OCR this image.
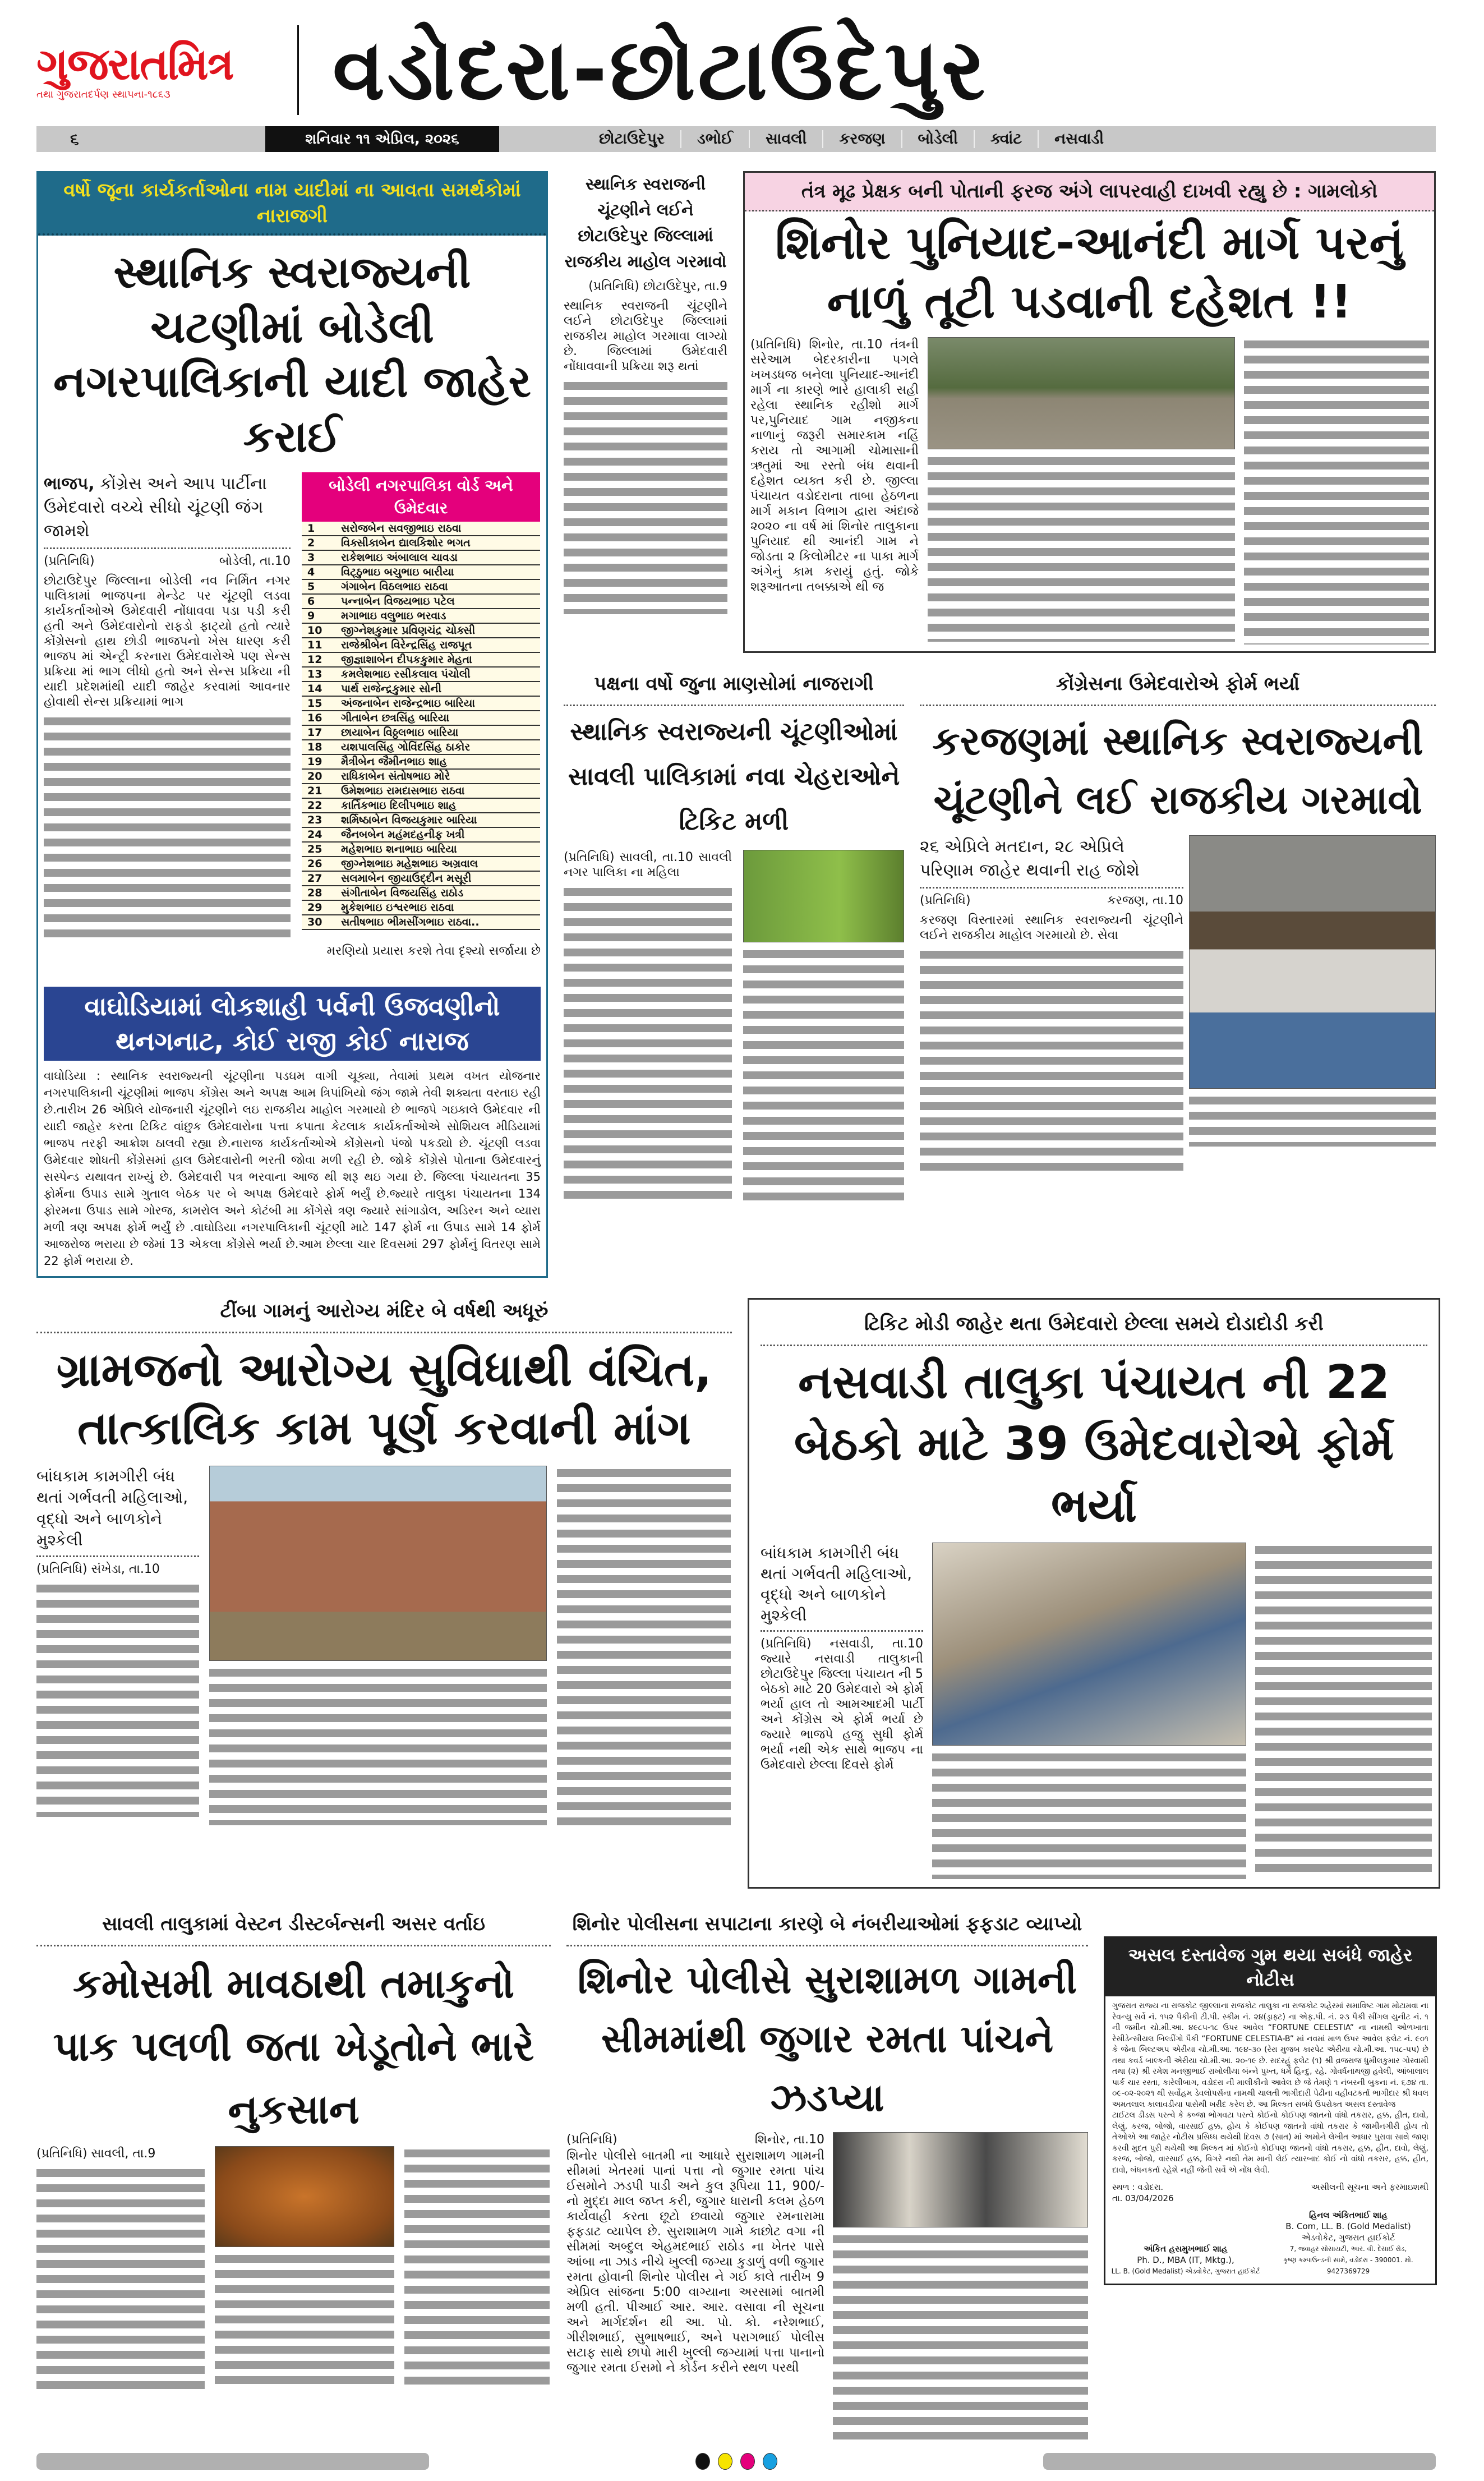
ગુજરાતમિત્ર
તથા ગુજરાતદર્પણ સ્થાપના-૧૮૬૩	વડોદરા-છોટાઉદેપુર
૬	શનિવાર ૧૧ એપ્રિલ, ૨૦૨૬	છોટાઉદેપુર	ડભોઈ	સાવલી	કરજણ	બોડેલી	ક્વાંટ	નસવાડી
વર્ષો જૂના કાર્યકર્તાઓના નામ યાદીમાં ના આવતા સમર્થકોમાં નારાજગી
સ્થાનિક સ્વરાજ્યની ચટણીમાં બોડેલી નગરપાલિકાની યાદી જાહેર કરાઈ
ભાજપ, કોંગ્રેસ અને આપ પાર્ટીના ઉમેદવારો વચ્ચે સીધો ચૂંટણી જંગ જામશે
(પ્રતિનિધિ)	બોડેલી, તા.10
છોટાઉદેપુર જિલ્લાના બોડેલી નવ નિર્મિત નગર પાલિકામાં ભાજપના મેન્ડેટ પર ચૂંટણી લડવા કાર્યકર્તાઓએ ઉમેદવારી નોંધાવવા પડા પડી કરી હતી અને ઉમેદવારોનો રાફડો ફાટ્યો હતો ત્યારે કોંગ્રેસનો હાથ છોડી ભાજપનો ખેસ ધારણ કરી ભાજપ માં એન્ટ્રી કરનારા ઉમેદવારોએ પણ સેન્સ પ્રક્રિયા માં ભાગ લીધો હતો અને સેન્સ પ્રક્રિયા ની યાદી પ્રદેશમાંથી યાદી જાહેર કરવામાં આવનાર હોવાથી સેન્સ પ્રક્રિયામાં ભાગ
બોડેલી નગરપાલિકા વોર્ડ અને ઉમેદવાર
1	સરોજબેન સવજીભાઇ રાઠવા
2	વિક્સીકાબેન દ્યાલકિશોર ભગત
3	રાકેશભાઇ અંબાલાલ ચાવડા
4	વિટ્ઠુભાઇ બચુભાઇ બારીયા
5	ગંગાબેન વિઠલભાઇ રાઠવા
6	પન્નાબેન વિજયભાઇ પટેલ
9	મગાભાઇ વલુભાઇ ભરવાડ
10	જીગ્નેશકુમાર પ્રવિણચંદ્ર ચોક્સી
11	રાજેશ્રીબેન વિરેન્દ્રસિંહ રાજપૂત
12	જીજ્ઞાશાબેન દીપકકુમાર મેહતા
13	કમલેશભાઇ રસીકલાલ પંચોલી
14	પાર્થ રાજેન્દ્રકુમાર સોની
15	અંજનાબેન રાજેન્દ્રભાઇ બારિયા
16	ગીતાબેન છત્રસિંહ બારિયા
17	છાયાબેન વિઠ્ઠલભાઇ બારિયા
18	યશપાલસિંહ ગોવિંદસિંહ ઠાકોર
19	મૈત્રીબેન જૈમીનભાઇ શાહ
20	રાધિકાબેન સંતોષભાઇ મોરે
21	ઉમેશભાઇ રામદાસભાઇ રાઠવા
22	કાર્તિકભાઇ દિલીપભાઇ શાહ
23	શર્મિષ્ઠાબેન વિજયકુમાર બારિયા
24	જૈનબબેન મહંમદહનીફ ખત્રી
25	મહેશભાઇ શનાભાઇ બારિયા
26	જીગ્નેશભાઇ મહેશભાઇ અગ્રવાલ
27	સલમાબેન જીયાઉદ્દીન મસૂરી
28	સંગીતાબેન વિજયસિંહ રાઠોડ
29	મુકેશભાઇ ઇશ્વરભાઇ રાઠવા
30	સતીષભાઇ ભીમસીંગભાઇ રાઠવા..
મરણિયો પ્રયાસ કરશે તેવા દૃશ્યો સર્જાયા છે
વાઘોડિયામાં લોકશાહી પર્વની ઉજવણીનો થનગનાટ, કોઈ રાજી કોઈ નારાજ
વાઘોડિયા : સ્થાનિક સ્વરાજ્યની ચૂંટણીના પડઘમ વાગી ચૂક્યા, તેવામાં પ્રથમ વખત યોજનાર નગરપાલિકાની ચૂંટણીમાં ભાજપ કોંગ્રેસ અને અપક્ષ આમ ત્રિપાંખિયો જંગ જામે તેવી શક્યતા વરતાઇ રહી છે.તારીખ 26 એપ્રિલે યોજનારી ચૂંટણીને લઇ રાજકીય માહોલ ગરમાયો છે ભાજપે ગઇકાલે ઉમેદવાર ની યાદી જાહેર કરતા ટિકિટ વાંછુક ઉમેદવારોના પત્તા કપાતા કેટલાક કાર્યકર્તાઓએ સોશિયલ મીડિયામાં ભાજપ તરફી આક્રોશ ઠાલવી રહ્યા છે.નારાજ કાર્યકર્તાઓએ કોંગ્રેસનો પંજો પકડ્યો છે. ચૂંટણી લડવા ઉમેદવાર શોધતી કોંગ્રેસમાં હાલ ઉમેદવારોની ભરતી જોવા મળી રહી છે. જોકે કોંગ્રેસે પોતાના ઉમેદવારનું સસ્પેન્ડ યથાવત રાખ્યું છે. ઉમેદવારી પત્ર ભરવાના આજ થી શરૂ થઇ ગયા છે. જિલ્લા પંચાયતના 35 ફોર્મના ઉપાડ સામે ગુતાલ બેઠક પર બે અપક્ષ ઉમેદવારે ફોર્મ ભર્યું છે.જ્યારે તાલુકા પંચાયતના 134 ફોરમના ઉપાડ સામે ગોરજ, કામરોલ અને કોટંબી મા કોંગેસે ત્રણ જ્યારે સાંગાડોલ, અડિરન અને વ્યારા મળી ત્રણ અપક્ષ ફોર્મ ભર્યું છે .વાઘોડિયા નગરપાલિકાની ચૂંટણી માટે 147 ફોર્મ ના ઉપાડ સામે 14 ફોર્મ આજરોજ ભરાયા છે જેમાં 13 એકલા કોંગ્રેસે ભર્યા છે.આમ છેલ્લા ચાર દિવસમાં 297 ફોર્મનું વિતરણ સામે 22 ફોર્મ ભરાયા છે.
સ્થાનિક સ્વરાજની ચૂંટણીને લઈને છોટાઉદેપુર જિલ્લામાં રાજકીય માહોલ ગરમાવો
(પ્રતિનિધિ) છોટાઉદેપુર, તા.9
સ્થાનિક સ્વરાજની ચૂંટણીને લઈને છોટાઉદેપુર જિલ્લામાં રાજકીય માહોલ ગરમાવા લાગ્યો છે. જિલ્લામાં ઉમેદવારી નોંધાવવાની પ્રક્રિયા શરૂ થતાં
તંત્ર મૂઢ પ્રેક્ષક બની પોતાની ફરજ અંગે લાપરવાહી દાખવી રહ્યુ છે : ગામલોકો
શિનોર પુનિયાદ-આનંદી માર્ગ પરનું નાળું તૂટી પડવાની દહેશત !!
(પ્રતિનિધિ) શિનોર, તા.10 તંત્રની સરેઆમ બેદરકારીના પગલે ખખડધજ બનેલા પુનિયાદ-આનંદી માર્ગ ના કારણે ભારે હાલાકી સહી રહેલા સ્થાનિક રહીશો માર્ગ પર,પુનિયાદ ગામ નજીકના નાળાનું જરૂરી સમારકામ નહિં કરાય તો આગામી ચોમાસાની ઋતુમાં આ રસ્તો બંધ થવાની દહેશત વ્યક્ત કરી છે. જીલ્લા પંચાયત વડોદરાના તાબા હેઠળના માર્ગ મકાન વિભાગ દ્વારા અંદાજે ૨૦૨૦ ના વર્ષ માં શિનોર તાલુકાના પુનિયાદ થી આનંદી ગામ ને જોડતા ૨ કિલોમીટર ના પાકા માર્ગ અંગેનું કામ કરાયું હતું. જોકે શરૂઆતના તબક્કાએ થી જ
પક્ષના વર્ષો જુના માણસોમાં નાજરાગી
સ્થાનિક સ્વરાજ્યની ચૂંટણીઓમાં સાવલી પાલિકામાં નવા ચેહરાઓને ટિકિટ મળી
(પ્રતિનિધિ) સાવલી, તા.10 સાવલી નગર પાલિકા ના મહિલા
કોંગ્રેસના ઉમેદવારોએ ફોર્મ ભર્યા
કરજણમાં સ્થાનિક સ્વરાજ્યની ચૂંટણીને લઈ રાજકીય ગરમાવો
૨૬ એપ્રિલે મતદાન, ૨૮ એપ્રિલે પરિણામ જાહેર થવાની રાહ જોશે
(પ્રતિનિધિ)	કરજણ, તા.10
કરજણ વિસ્તારમાં સ્થાનિક સ્વરાજ્યની ચૂંટણીને લઈને રાજકીય માહોલ ગરમાયો છે. સેવા
ટીંબા ગામનું આરોગ્ય મંદિર બે વર્ષથી અધૂરું
ગ્રામજનો આરોગ્ય સુવિધાથી વંચિત, તાત્કાલિક કામ પૂર્ણ કરવાની માંગ
બાંધકામ કામગીરી બંધ થતાં ગર્ભવતી મહિલાઓ, વૃદ્ધો અને બાળકોને મુશ્કેલી
(પ્રતિનિધિ) સંખેડા, તા.10
ટિકિટ મોડી જાહેર થતા ઉમેદવારો છેલ્લા સમયે દોડાદોડી કરી
નસવાડી તાલુકા પંચાયત ની 22 બેઠકો માટે 39 ઉમેદવારોએ ફોર્મ ભર્યા
બાંધકામ કામગીરી બંધ થતાં ગર્ભવતી મહિલાઓ, વૃદ્ધો અને બાળકોને મુશ્કેલી
(પ્રતિનિધિ) નસવાડી, તા.10 જ્યારે નસવાડી તાલુકાની છોટાઉદેપુર જિલ્લા પંચાયત ની 5 બેઠકો માટે 20 ઉમેદવારો એ ફોર્મ ભર્યા હાલ તો આમઆદમી પાર્ટી અને કોંગ્રેસ એ ફોર્મ ભર્યા છે જ્યારે ભાજપે હજુ સુધી ફોર્મ ભર્યા નથી એક સાથે ભાજપ ના ઉમેદવારો છેલ્લા દિવસે ફોર્મ
સાવલી તાલુકામાં વેસ્ટન ડીસ્ટર્બન્સની અસર વર્તાઇ
કમોસમી માવઠાથી તમાકુનો પાક પલળી જતા ખેડૂતોને ભારે નુકસાન
(પ્રતિનિધિ) સાવલી, તા.9
શિનોર પોલીસના સપાટાના કારણે બે નંબરીયાઓમાં ફફડાટ વ્યાપ્યો
શિનોર પોલીસે સુરાશામળ ગામની સીમમાંથી જુગાર રમતા પાંચને ઝડપ્યા
(પ્રતિનિધિ)	શિનોર, તા.10
શિનોર પોલીસે બાતમી ના આધારે સુરાશામળ ગામની સીમમાં ખેતરમાં પાનાં પત્તા નો જુગાર રમતા પાંચ ઈસમોને ઝડપી પાડી અને કુલ રૂપિયા 11, 900/- નો મુદ્દા માલ જપ્ત કરી, જુગાર ધારાની કલમ હેઠળ કાર્યવાહી કરતા છૂટો છવાયો જુગાર રમનારામા ફફડાટ વ્યાપેલ છે. સુરાશામળ ગામે કાછોટ વગા ની સીમમાં અબ્દુલ એહમદભાઈ રાઠોડ ના ખેતર પાસે આંબા ના ઝાડ નીચે ખુલ્લી જગ્યા કુડાળું વળી જુગાર રમતા હોવાની શિનોર પોલીસ ને ગઈ કાલે તારીખ 9 એપ્રિલ સાંજના 5:00 વાગ્યાના અરસામાં બાતમી મળી હતી. પીઆઈ આર. આર. વસાવા ની સૂચના અને માર્ગદર્શન થી આ. પો. કો. નરેશભાઈ, ગીરીશભાઈ, સુભાષભાઈ, અને પરાગભાઈ પોલીસ સટાફ સાથે છાપો મારી ખુલ્લી જગ્યામાં પત્તા પાનાનો જુગાર રમતા ઈસમો ને કોર્ડન કરીને સ્થળ પરથી
અસલ દસ્તાવેજ ગુમ થયા સબંધે જાહેર નોટીસ
ગુજરાત રાજ્ય ના રાજકોટ જીલ્લાના રાજકોટ તાલુકા ના રાજકોટ શહેરમાં સમાવિષ્ટ ગામ મોટામવા ના રેવન્યુ સર્વે નં. ૧૫૨ પૈકીની ટી.પી. સ્કીમ નં. ૨૪(ડ્રાફ્ટ) ના એફ.પી. નં. ૨૩ પૈકી સીંગલ યુનીટ નં. ૧ ની જમીન ચો.મી.આ. ૪૯૮૫-૧૮ ઉપર આવેલ “FORTUNE CELESTIA” ના નામથી ઓળખાતા રેસીડેન્સીયલ બિલ્ડીંગો પૈકી “FORTUNE CELESTIA-B” માં નવમાં માળ ઉપર આવેલ ફલેટ નં. ૯૦૧ કે જેના બિલ્ટઅપ એરીયા ચો.મી.આ. ૧૯૪-૩૦ (રેરા મુજબ કારપેટ એરીયા ચો.મી.આ. ૧૫૮-૫૫) છે તથા કવર્ડ બાલ્કની એરીયા ચો.મી.આ. ૨૦-૧૯ છે. સદરહું ફલેટ (૧) શ્રી વ્રજરાજ ધુમીલકુમાર ગોસ્વામી તથા (૨) શ્રી રમેશ મનજીભાઈ રાખોલીયા બંન્ને પુખ્ત, ધર્મે હિન્દુ, રહે. ગોવર્ધનાથજી હવેલી, આંબાલાલ પાર્ક ચાર રસ્તા, કારેલીબાગ, વડોદરા ની માલીકીનો આવેલ છે જે તેમણે ૧ નંબરની બુકના નં. ૬૭૪ તા. ૦૯-૦૨-૨૦૨૧ થી સર્વોહમ ડેવલોપર્સના નામથી ચાલતી ભાગીદારી પેઢીના વહીવટકર્તા ભાગીદાર શ્રી ધવલ અમતલાલ કાલાવડીયા પાસેથી ખરીદ કરેલ છે. આ મિલ્કત સબંધે ઉપરોક્ત અસલ દસ્તાવેજ
ટાઈટલ ડીડસ પરત્વે કે કબ્જા ભોગવટા પરત્વે કોઈનો કોઈપણ જાતનો વાંધો તકરાર, હક્ક, હીત, દાવો, લેણું, કરજ, બોજો, વારસાઈ હક્ક, હોય કે કોઈપણ જાતનો વાંધો તકરાર કે જામીનગીરી હોય તો તેઓએ આ જાહેર નોટીસ પ્રસિધ્ધ થયેથી દિવસ ૭ (સાત) માં અમોને લેખીત આધાર પુરાવા સાથે જાણ કરવી મુદત પુરી થયેથી આ મિલ્કત માં કોઈનો કોઈપણ જાતનો વાંધો તકરાર, હક્ક, હીત, દાવો, લેણું, કરજ, બોજો, વારસાઈ હક્ક, વિગરે નથી તેમ માની લેઈ ત્યારબાદ કોઈ નો વાંધો તકરાર, હક્ક, હીત, દાવો, બંધનકર્તા રહેશે નહીં જેની સર્વે એ નોંધ લેવી.
સ્થળ : વડોદરા.
તા. 03/04/2026
અસીલની સૂચના અને ફરમાઇશથી
અંકિત હસમુખભાઈ શાહ
Ph. D., MBA (IT, Mktg.),
LL. B. (Gold Medalist) એડવોકેટ, ગુજરાત હાઈકોર્ટ
હિનલ અંકિતભાઈ શાહ
B. Com, LL. B. (Gold Medalist)
એડવોકેટ, ગુજરાત હાઈકોર્ટ
7, જવાહર સોસાયટી, આર. વી. દેસાઈ રોડ,
કૃષ્ણ કમ્પાઉન્ડની સામે, વડોદરા - 390001. મો. 9427369729
